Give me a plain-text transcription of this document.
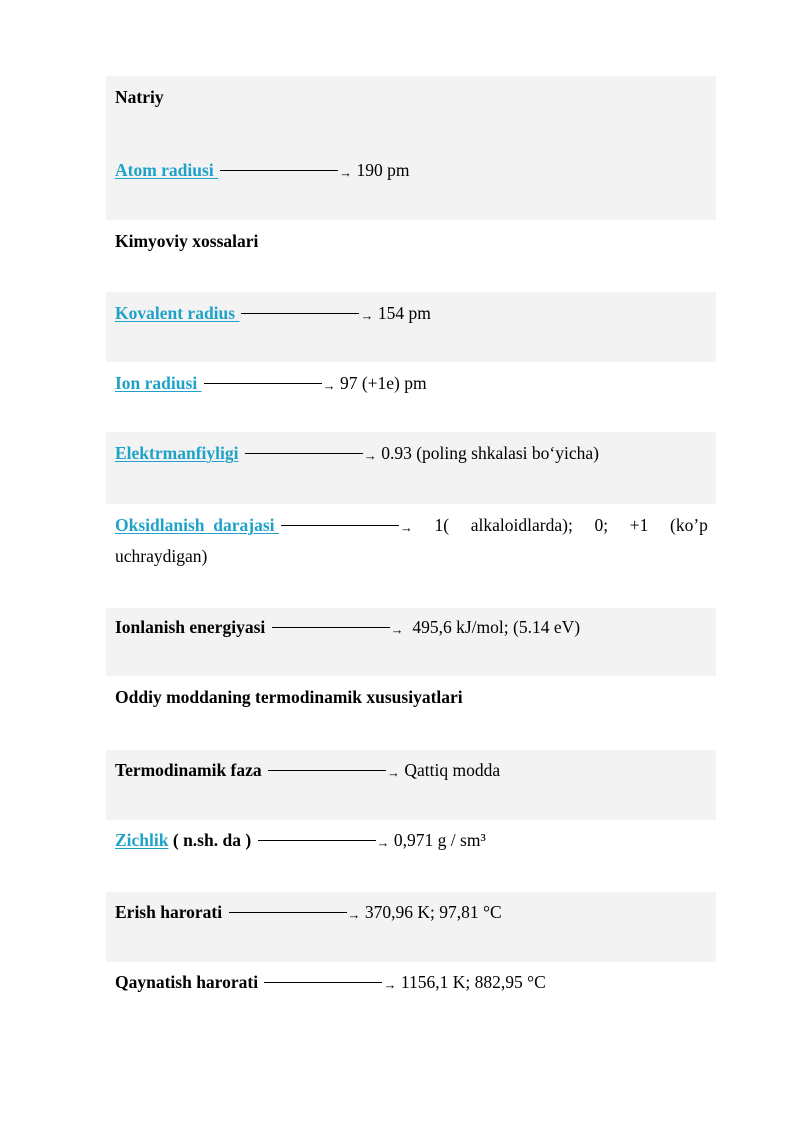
Natriy
Atom radiusi	→ 190 pm
Kimyoviy xossalari
Kovalent radius	→ 154 pm
Ion radiusi	→ 97 (+1e) pm
Elektrmanfiyligi	→ 0.93 (poling shkalasi bo‘yicha)
Oksidlanish  darajasi	→ 1( alkaloidlarda); 0; +1 (ko’p
uchraydigan)
Ionlanish energiyasi	→ 495,6 kJ/mol; (5.14 eV)
Oddiy moddaning termodinamik xususiyatlari
Termodinamik faza	→ Qattiq modda
Zichlik ( n.sh. da )	→ 0,971 g / sm³
Erish harorati	→ 370,96 K; 97,81 °C
Qaynatish harorati	→ 1156,1 K; 882,95 °C
